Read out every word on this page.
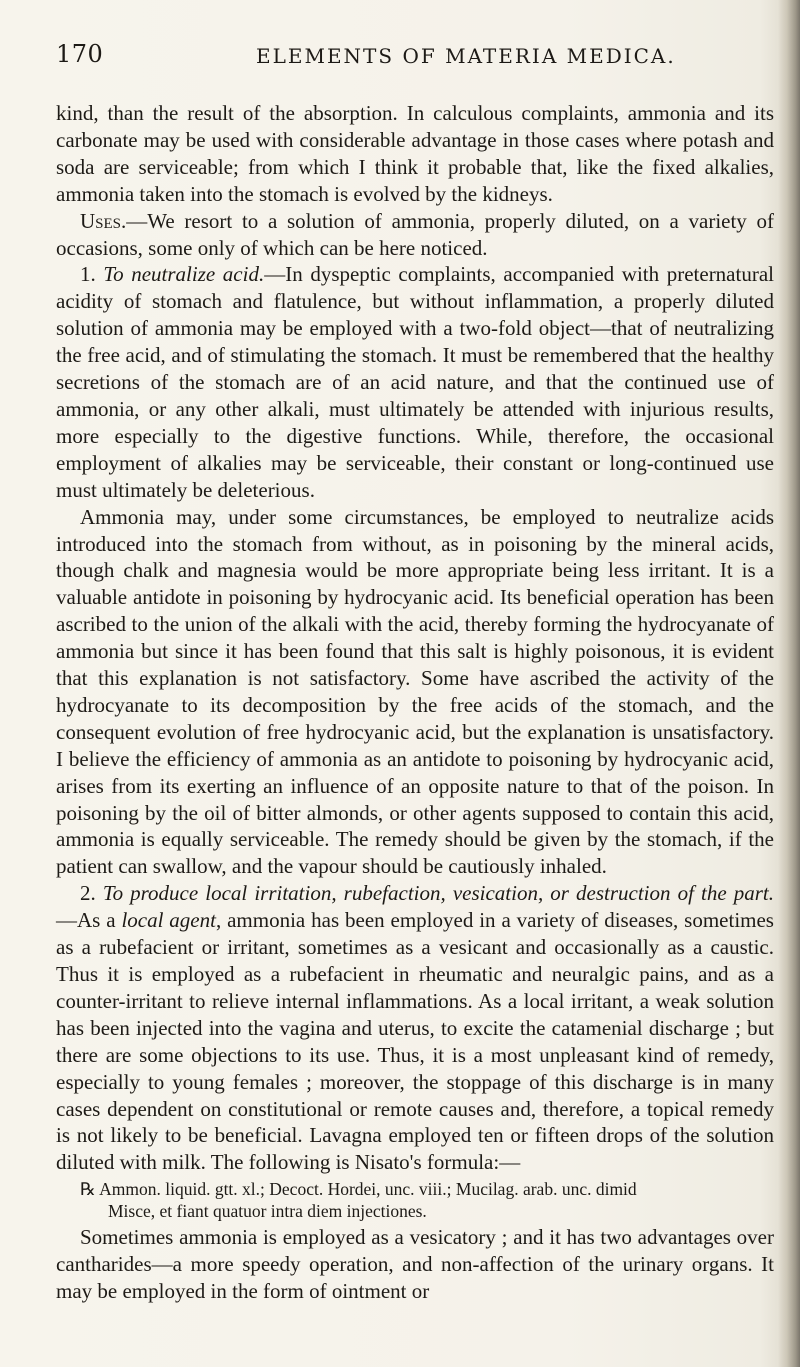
170	ELEMENTS OF MATERIA MEDICA.

kind, than the result of the absorption. In calculous complaints, ammonia and its carbonate may be used with considerable advantage in those cases where potash and soda are serviceable; from which I think it probable that, like the fixed alkalies, ammonia taken into the stomach is evolved by the kidneys.

Uses.—We resort to a solution of ammonia, properly diluted, on a variety of occasions, some only of which can be here noticed.

1. To neutralize acid.—In dyspeptic complaints, accompanied with preternatural acidity of stomach and flatulence, but without inflammation, a properly diluted solution of ammonia may be employed with a two-fold object—that of neutralizing the free acid, and of stimulating the stomach. It must be remembered that the healthy secretions of the stomach are of an acid nature, and that the continued use of ammonia, or any other alkali, must ultimately be attended with injurious results, more especially to the digestive functions. While, therefore, the occasional employment of alkalies may be serviceable, their constant or long-continued use must ultimately be deleterious.

Ammonia may, under some circumstances, be employed to neutralize acids introduced into the stomach from without, as in poisoning by the mineral acids, though chalk and magnesia would be more appropriate being less irritant. It is a valuable antidote in poisoning by hydrocyanic acid. Its beneficial operation has been ascribed to the union of the alkali with the acid, thereby forming the hydrocyanate of ammonia but since it has been found that this salt is highly poisonous, it is evident that this explanation is not satisfactory. Some have ascribed the activity of the hydrocyanate to its decomposition by the free acids of the stomach, and the consequent evolution of free hydrocyanic acid, but the explanation is unsatisfactory. I believe the efficiency of ammonia as an antidote to poisoning by hydrocyanic acid, arises from its exerting an influence of an opposite nature to that of the poison. In poisoning by the oil of bitter almonds, or other agents supposed to contain this acid, ammonia is equally serviceable. The remedy should be given by the stomach, if the patient can swallow, and the vapour should be cautiously inhaled.

2. To produce local irritation, rubefaction, vesication, or destruction of the part.—As a local agent, ammonia has been employed in a variety of diseases, sometimes as a rubefacient or irritant, sometimes as a vesicant and occasionally as a caustic. Thus it is employed as a rubefacient in rheumatic and neuralgic pains, and as a counter-irritant to relieve internal inflammations. As a local irritant, a weak solution has been injected into the vagina and uterus, to excite the catamenial discharge ; but there are some objections to its use. Thus, it is a most unpleasant kind of remedy, especially to young females ; moreover, the stoppage of this discharge is in many cases dependent on constitutional or remote causes and, therefore, a topical remedy is not likely to be beneficial. Lavagna employed ten or fifteen drops of the solution diluted with milk. The following is Nisato's formula:—

℞ Ammon. liquid. gtt. xl.; Decoct. Hordei, unc. viii.; Mucilag. arab. unc. dimid
Misce, et fiant quatuor intra diem injectiones.

Sometimes ammonia is employed as a vesicatory ; and it has two advantages over cantharides—a more speedy operation, and non-affection of the urinary organs. It may be employed in the form of ointment or
